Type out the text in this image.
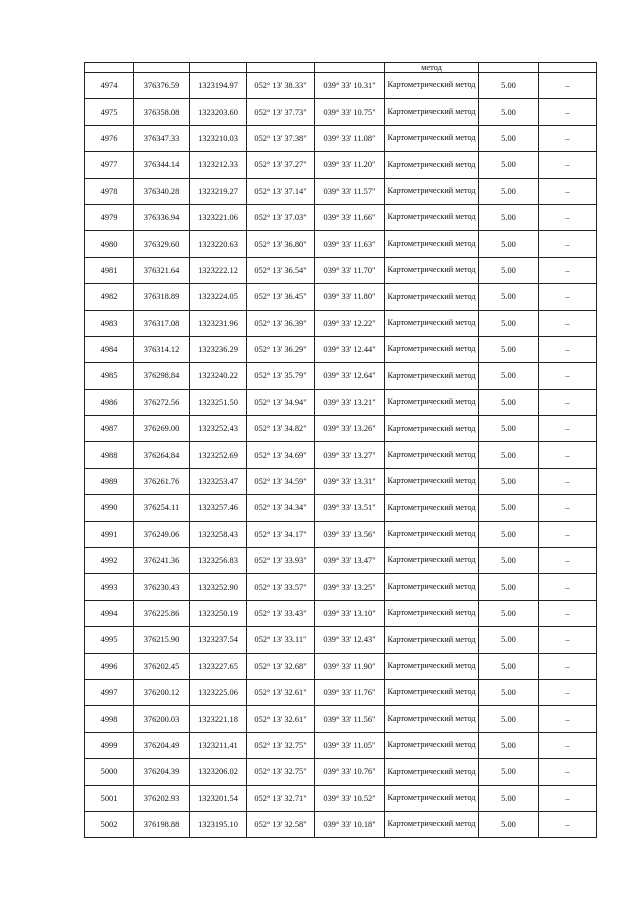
					метод		
4974	376376.59	1323194.97	052° 13' 38.33"	039° 33' 10.31"	Картометрический метод	5.00	–
4975	376358.08	1323203.60	052° 13' 37.73"	039° 33' 10.75"	Картометрический метод	5.00	–
4976	376347.33	1323210.03	052° 13' 37.38"	039° 33' 11.08"	Картометрический метод	5.00	–
4977	376344.14	1323212.33	052° 13' 37.27"	039° 33' 11.20"	Картометрический метод	5.00	–
4978	376340.28	1323219.27	052° 13' 37.14"	039° 33' 11.57"	Картометрический метод	5.00	–
4979	376336.94	1323221.06	052° 13' 37.03"	039° 33' 11.66"	Картометрический метод	5.00	–
4980	376329.60	1323220.63	052° 13' 36.80"	039° 33' 11.63"	Картометрический метод	5.00	–
4981	376321.64	1323222.12	052° 13' 36.54"	039° 33' 11.70"	Картометрический метод	5.00	–
4982	376318.89	1323224.05	052° 13' 36.45"	039° 33' 11.80"	Картометрический метод	5.00	–
4983	376317.08	1323231.96	052° 13' 36.39"	039° 33' 12.22"	Картометрический метод	5.00	–
4984	376314.12	1323236.29	052° 13' 36.29"	039° 33' 12.44"	Картометрический метод	5.00	–
4985	376298.84	1323240.22	052° 13' 35.79"	039° 33' 12.64"	Картометрический метод	5.00	–
4986	376272.56	1323251.50	052° 13' 34.94"	039° 33' 13.21"	Картометрический метод	5.00	–
4987	376269.00	1323252.43	052° 13' 34.82"	039° 33' 13.26"	Картометрический метод	5.00	–
4988	376264.84	1323252.69	052° 13' 34.69"	039° 33' 13.27"	Картометрический метод	5.00	–
4989	376261.76	1323253.47	052° 13' 34.59"	039° 33' 13.31"	Картометрический метод	5.00	–
4990	376254.11	1323257.46	052° 13' 34.34"	039° 33' 13.51"	Картометрический метод	5.00	–
4991	376249.06	1323258.43	052° 13' 34.17"	039° 33' 13.56"	Картометрический метод	5.00	–
4992	376241.36	1323256.83	052° 13' 33.93"	039° 33' 13.47"	Картометрический метод	5.00	–
4993	376230.43	1323252.90	052° 13' 33.57"	039° 33' 13.25"	Картометрический метод	5.00	–
4994	376225.86	1323250.19	052° 13' 33.43"	039° 33' 13.10"	Картометрический метод	5.00	–
4995	376215.90	1323237.54	052° 13' 33.11"	039° 33' 12.43"	Картометрический метод	5.00	–
4996	376202.45	1323227.65	052° 13' 32.68"	039° 33' 11.90"	Картометрический метод	5.00	–
4997	376200.12	1323225.06	052° 13' 32.61"	039° 33' 11.76"	Картометрический метод	5.00	–
4998	376200.03	1323221.18	052° 13' 32.61"	039° 33' 11.56"	Картометрический метод	5.00	–
4999	376204.49	1323211.41	052° 13' 32.75"	039° 33' 11.05"	Картометрический метод	5.00	–
5000	376204.39	1323206.02	052° 13' 32.75"	039° 33' 10.76"	Картометрический метод	5.00	–
5001	376202.93	1323201.54	052° 13' 32.71"	039° 33' 10.52"	Картометрический метод	5.00	–
5002	376198.88	1323195.10	052° 13' 32.58"	039° 33' 10.18"	Картометрический метод	5.00	–
